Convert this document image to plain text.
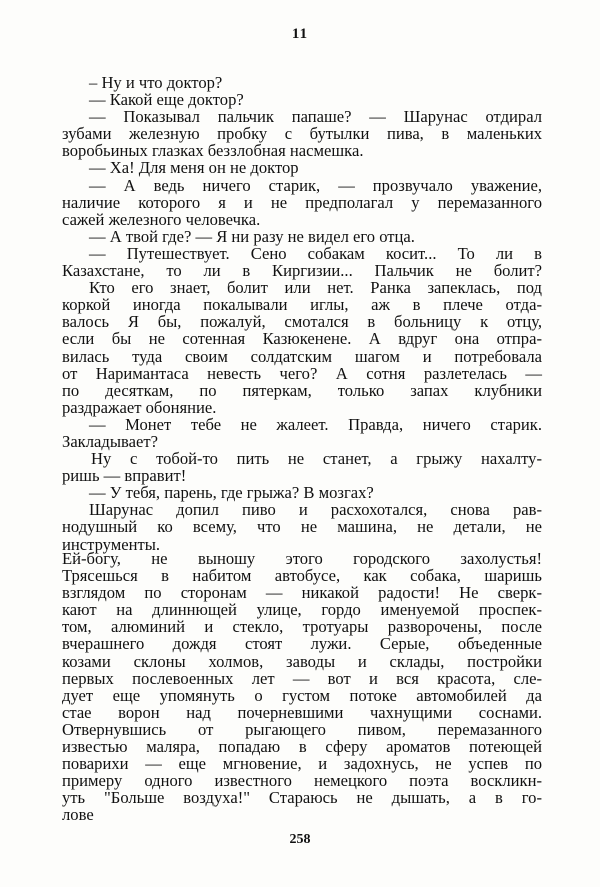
11
– Ну и что доктор?
— Какой еще доктор?
— Показывал пальчик папаше? — Шарунас отдирал
зубами железную пробку с бутылки пива, в маленьких
воробьиных глазках беззлобная насмешка.
— Ха! Для меня он не доктор
— А ведь ничего старик, — прозвучало уважение,
наличие которого я и не предполагал у перемазанного
сажей железного человечка.
— А твой где? — Я ни разу не видел его отца.
— Путешествует. Сено собакам косит... То ли в
Казахстане, то ли в Киргизии... Пальчик не болит?
Кто его знает, болит или нет. Ранка запеклась, под
коркой иногда покалывали иглы, аж в плече отда-
валось Я бы, пожалуй, смотался в больницу к отцу,
если бы не сотенная Казюкенене. А вдруг она отпра-
вилась туда своим солдатским шагом и потребовала
от Наримантаса невесть чего? А сотня разлетелась —
по десяткам, по пятеркам, только запах клубники
раздражает обоняние.
— Монет тебе не жалеет. Правда, ничего старик.
Закладывает?
Ну с тобой-то пить не станет, а грыжу нахалту-
ришь — вправит!
— У тебя, парень, где грыжа? В мозгах?
Шарунас допил пиво и расхохотался, снова рав-
нодушный ко всему, что не машина, не детали, не
инструменты.
Ей-богу, не выношу этого городского захолустья!
Трясешься в набитом автобусе, как собака, шаришь
взглядом по сторонам — никакой радости! Не сверк-
кают на длиннющей улице, гордо именуемой проспек-
том, алюминий и стекло, тротуары разворочены, после
вчерашнего дождя стоят лужи. Серые, объеденные
козами склоны холмов, заводы и склады, постройки
первых послевоенных лет — вот и вся красота, сле-
дует еще упомянуть о густом потоке автомобилей да
стае ворон над почерневшими чахнущими соснами.
Отвернувшись от рыгающего пивом, перемазанного
известью маляра, попадаю в сферу ароматов потеющей
поварихи — еще мгновение, и задохнусь, не успев по
примеру одного известного немецкого поэта воскликн-
уть "Больше воздуха!" Стараюсь не дышать, а в го-
лове
258
